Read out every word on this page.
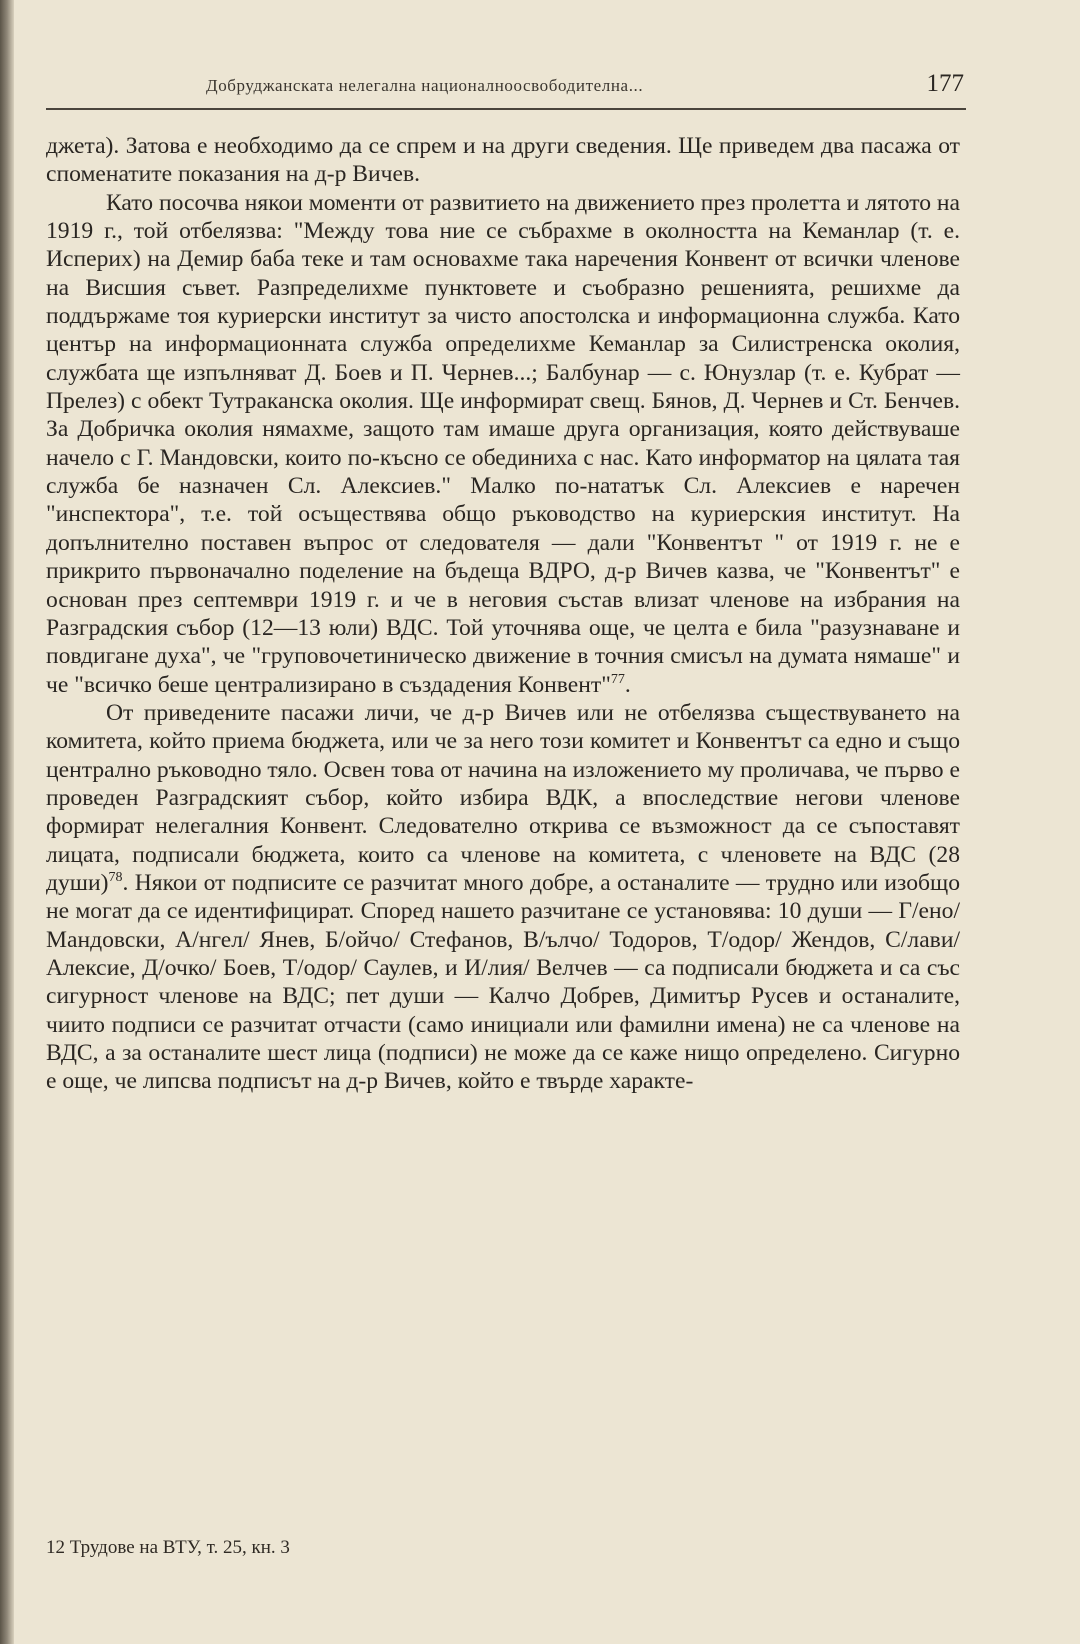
Добруджанската нелегална националноосвободителна...	177

джета). Затова е необходимо да се спрем и на други сведения. Ще приведем два пасажа от споменатите показания на д-р Вичев.

Като посочва някои моменти от развитието на движението през пролетта и лятото на 1919 г., той отбелязва: "Между това ние се събрахме в околността на Кеманлар (т. е. Исперих) на Демир баба теке и там основахме така наречения Конвент от всички членове на Висшия съвет. Разпределихме пунктовете и съобразно решенията, решихме да поддържаме тоя куриерски институт за чисто апостолска и информационна служба. Като център на информационната служба определихме Кеманлар за Силистренска околия, службата ще изпълняват Д. Боев и П. Чернев...; Балбунар — с. Юнузлар (т. е. Кубрат — Прелез) с обект Тутраканска околия. Ще информират свещ. Бянов, Д. Чернев и Ст. Бенчев. За Добричка околия нямахме, защото там имаше друга организация, която действуваше начело с Г. Мандовски, които по-късно се обединиха с нас. Като информатор на цялата тая служба бе назначен Сл. Алексиев." Малко по-нататък Сл. Алексиев е наречен "инспектора", т.е. той осъществява общо ръководство на куриерския институт. На допълнително поставен въпрос от следователя — дали "Конвентът " от 1919 г. не е прикрито първоначално поделение на бъдеща ВДРО, д-р Вичев казва, че "Конвентът" е основан през септември 1919 г. и че в неговия състав влизат членове на избрания на Разградския събор (12—13 юли) ВДС. Той уточнява още, че целта е била "разузнаване и повдигане духа", че "груповочетиническо движение в точния смисъл на думата нямаше" и че "всичко беше централизирано в създадения Конвент"$^{77}$.

От приведените пасажи личи, че д-р Вичев или не отбелязва съществуването на комитета, който приема бюджета, или че за него този комитет и Конвентът са едно и също централно ръководно тяло. Освен това от начина на изложението му проличава, че първо е проведен Разградският събор, който избира ВДК, а впоследствие негови членове формират нелегалния Конвент. Следователно открива се възможност да се съпоставят лицата, подписали бюджета, които са членове на комитета, с членовете на ВДС (28 души)$^{78}$. Някои от подписите се разчитат много добре, а останалите — трудно или изобщо не могат да се идентифицират. Според нашето разчитане се установява: 10 души — Г/ено/ Мандовски, А/нгел/ Янев, Б/ойчо/ Стефанов, В/ълчо/ Тодоров, Т/одор/ Жендов, С/лави/ Алексие, Д/очко/ Боев, Т/одор/ Саулев, и И/лия/ Велчев — са подписали бюджета и са със сигурност членове на ВДС; пет души — Калчо Добрев, Димитър Русев и останалите, чиито подписи се разчитат отчасти (само инициали или фамилни имена) не са членове на ВДС, а за останалите шест лица (подписи) не може да се каже нищо определено. Сигурно е още, че липсва подписът на д-р Вичев, който е твърде характе-

12 Трудове на ВТУ, т. 25, кн. 3
